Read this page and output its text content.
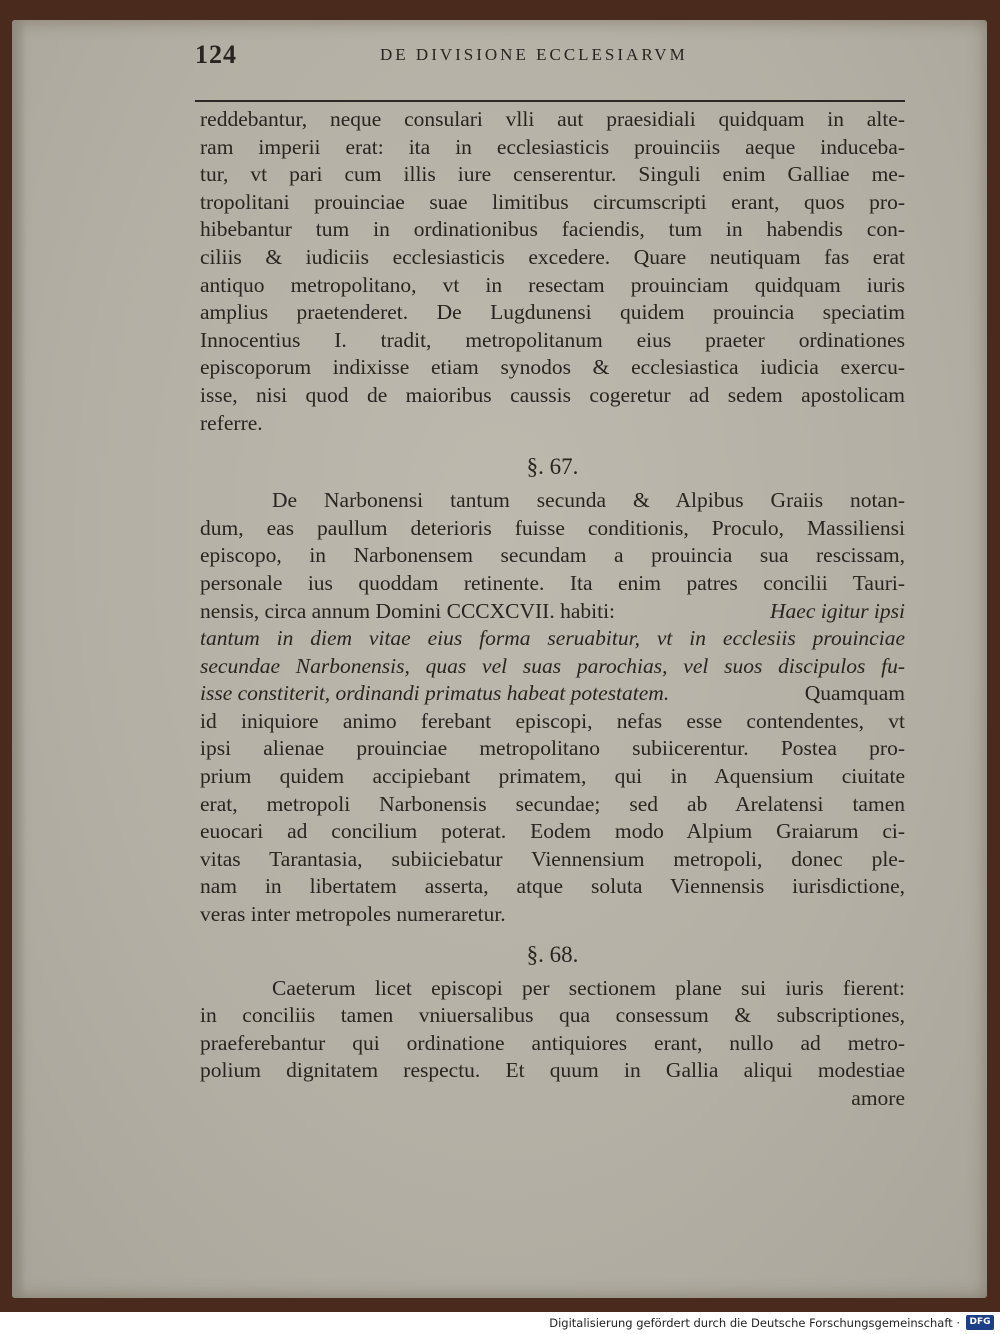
124	DE DIVISIONE ECCLESIARVM
reddebantur, neque consulari vlli aut praesidiali quidquam in alte-
ram imperii erat: ita in ecclesiasticis prouinciis aeque induceba-
tur, vt pari cum illis iure censerentur. Singuli enim Galliae me-
tropolitani prouinciae suae limitibus circumscripti erant, quos pro-
hibebantur tum in ordinationibus faciendis, tum in habendis con-
ciliis & iudiciis ecclesiasticis excedere. Quare neutiquam fas erat
antiquo metropolitano, vt in resectam prouinciam quidquam iuris
amplius praetenderet. De Lugdunensi quidem prouincia speciatim
Innocentius I. tradit, metropolitanum eius praeter ordinationes
episcoporum indixisse etiam synodos & ecclesiastica iudicia exercu-
isse, nisi quod de maioribus caussis cogeretur ad sedem apostolicam
referre.
§. 67.
De Narbonensi tantum secunda & Alpibus Graiis notan-
dum, eas paullum deterioris fuisse conditionis, Proculo, Massiliensi
episcopo, in Narbonensem secundam a prouincia sua rescissam,
personale ius quoddam retinente. Ita enim patres concilii Tauri-
nensis, circa annum Domini CCCXCVII. habiti:	Haec igitur ipsi
tantum in diem vitae eius forma seruabitur, vt in ecclesiis prouinciae
secundae Narbonensis, quas vel suas parochias, vel suos discipulos fu-
isse constiterit, ordinandi primatus habeat potestatem.	Quamquam
id iniquiore animo ferebant episcopi, nefas esse contendentes, vt
ipsi alienae prouinciae metropolitano subiicerentur. Postea pro-
prium quidem accipiebant primatem, qui in Aquensium ciuitate
erat, metropoli Narbonensis secundae; sed ab Arelatensi tamen
euocari ad concilium poterat. Eodem modo Alpium Graiarum ci-
vitas Tarantasia, subiiciebatur Viennensium metropoli, donec ple-
nam in libertatem asserta, atque soluta Viennensis iurisdictione,
veras inter metropoles numeraretur.
§. 68.
Caeterum licet episcopi per sectionem plane sui iuris fierent:
in conciliis tamen vniuersalibus qua consessum & subscriptiones,
praeferebantur qui ordinatione antiquiores erant, nullo ad metro-
polium dignitatem respectu. Et quum in Gallia aliqui modestiae
amore
Digitalisierung gefördert durch die Deutsche Forschungsgemeinschaft ·	DFG
